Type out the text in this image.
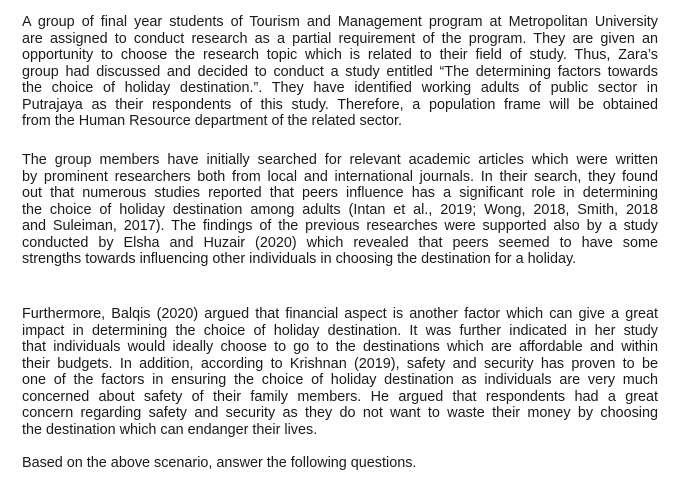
A group of final year students of Tourism and Management program at Metropolitan University
are assigned to conduct research as a partial requirement of the program. They are given an
opportunity to choose the research topic which is related to their field of study. Thus, Zara’s
group had discussed and decided to conduct a study entitled “The determining factors towards
the choice of holiday destination.”. They have identified working adults of public sector in
Putrajaya as their respondents of this study. Therefore, a population frame will be obtained
from the Human Resource department of the related sector.

The group members have initially searched for relevant academic articles which were written
by prominent researchers both from local and international journals. In their search, they found
out that numerous studies reported that peers influence has a significant role in determining
the choice of holiday destination among adults (Intan et al., 2019; Wong, 2018, Smith, 2018
and Suleiman, 2017). The findings of the previous researches were supported also by a study
conducted by Elsha and Huzair (2020) which revealed that peers seemed to have some
strengths towards influencing other individuals in choosing the destination for a holiday.

Furthermore, Balqis (2020) argued that financial aspect is another factor which can give a great
impact in determining the choice of holiday destination. It was further indicated in her study
that individuals would ideally choose to go to the destinations which are affordable and within
their budgets. In addition, according to Krishnan (2019), safety and security has proven to be
one of the factors in ensuring the choice of holiday destination as individuals are very much
concerned about safety of their family members. He argued that respondents had a great
concern regarding safety and security as they do not want to waste their money by choosing
the destination which can endanger their lives.

Based on the above scenario, answer the following questions.
